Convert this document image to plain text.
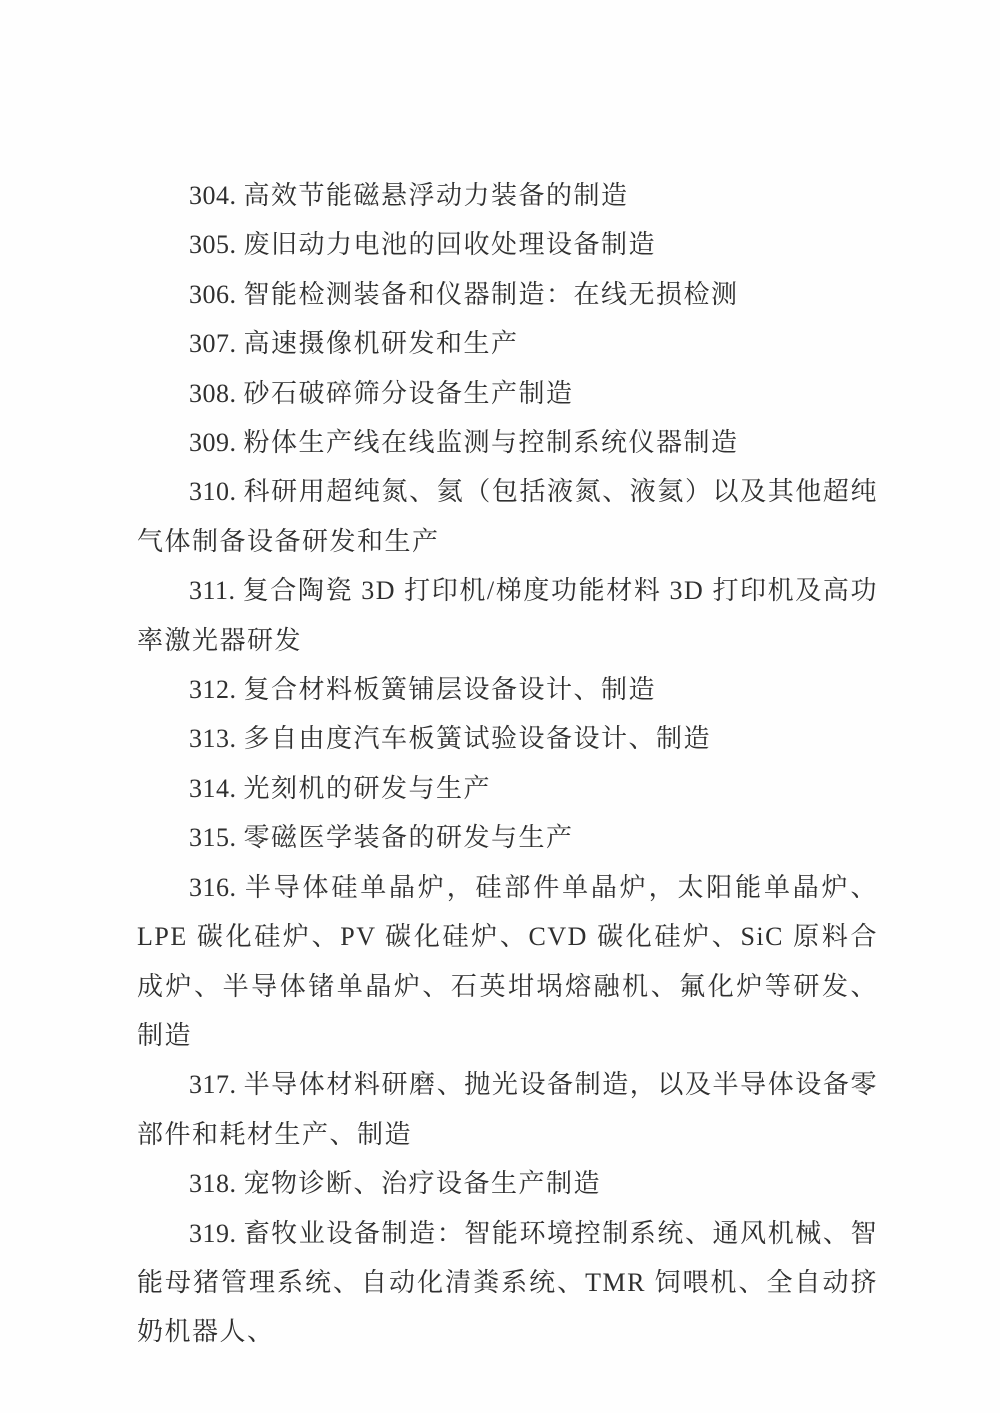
304. 高效节能磁悬浮动力装备的制造

305. 废旧动力电池的回收处理设备制造

306. 智能检测装备和仪器制造：在线无损检测

307. 高速摄像机研发和生产

308. 砂石破碎筛分设备生产制造

309. 粉体生产线在线监测与控制系统仪器制造

310. 科研用超纯氮、氦（包括液氮、液氦）以及其他超纯气体制备设备研发和生产

311. 复合陶瓷 3D 打印机/梯度功能材料 3D 打印机及高功率激光器研发

312. 复合材料板簧铺层设备设计、制造

313. 多自由度汽车板簧试验设备设计、制造

314. 光刻机的研发与生产

315. 零磁医学装备的研发与生产

316. 半导体硅单晶炉，硅部件单晶炉，太阳能单晶炉、LPE 碳化硅炉、PV 碳化硅炉、CVD 碳化硅炉、SiC 原料合成炉、半导体锗单晶炉、石英坩埚熔融机、氟化炉等研发、制造

317. 半导体材料研磨、抛光设备制造，以及半导体设备零部件和耗材生产、制造

318. 宠物诊断、治疗设备生产制造

319. 畜牧业设备制造：智能环境控制系统、通风机械、智能母猪管理系统、自动化清粪系统、TMR 饲喂机、全自动挤奶机器人、
